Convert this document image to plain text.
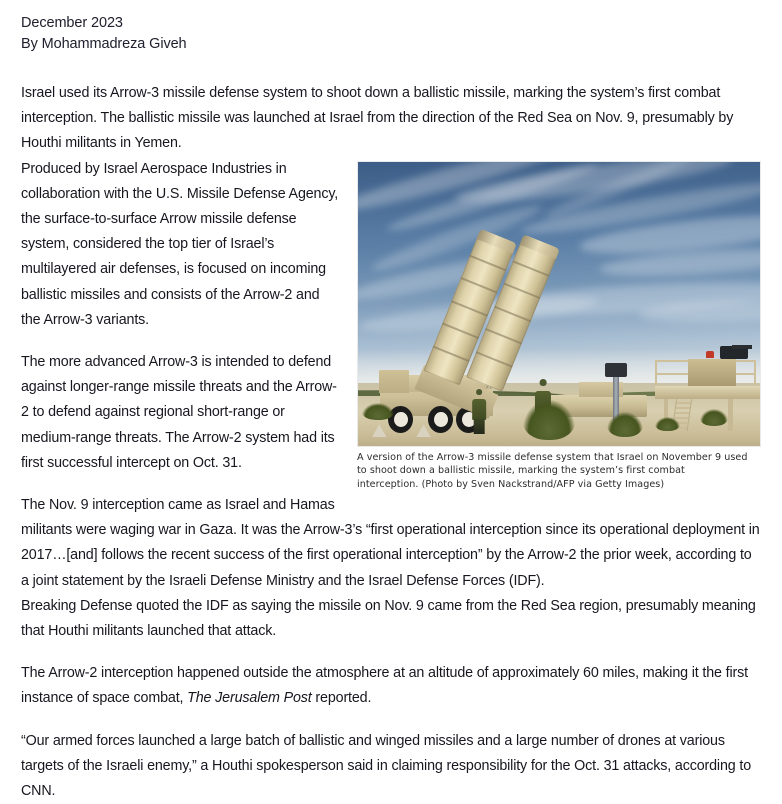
December 2023
By Mohammadreza Giveh

Israel used its Arrow-3 missile defense system to shoot down a ballistic missile, marking the system’s first combat interception. The ballistic missile was launched at Israel from the direction of the Red Sea on Nov. 9, presumably by Houthi militants in Yemen.

A version of the Arrow-3 missile defense system that Israel on November 9 used to shoot down a ballistic missile, marking the system’s first combat interception. (Photo by Sven Nackstrand/AFP via Getty Images)

Produced by Israel Aerospace Industries in collaboration with the U.S. Missile Defense Agency, the surface-to-surface Arrow missile defense system, considered the top tier of Israel’s multilayered air defenses, is focused on incoming ballistic missiles and consists of the Arrow-2 and the Arrow-3 variants.

The more advanced Arrow-3 is intended to defend against longer-range missile threats and the Arrow-2 to defend against regional short-range or medium-range threats. The Arrow-2 system had its first successful intercept on Oct. 31.

The Nov. 9 interception came as Israel and Hamas militants were waging war in Gaza. It was the Arrow-3’s “first operational interception since its operational deployment in 2017…[and] follows the recent success of the first operational interception” by the Arrow-2 the prior week, according to a joint statement by the Israeli Defense Ministry and the Israel Defense Forces (IDF).

Breaking Defense quoted the IDF as saying the missile on Nov. 9 came from the Red Sea region, presumably meaning that Houthi militants launched that attack.

The Arrow-2 interception happened outside the atmosphere at an altitude of approximately 60 miles, making it the first instance of space combat, The Jerusalem Post reported.

“Our armed forces launched a large batch of ballistic and winged missiles and a large number of drones at various targets of the Israeli enemy,” a Houthi spokesperson said in claiming responsibility for the Oct. 31 attacks, according to CNN.
